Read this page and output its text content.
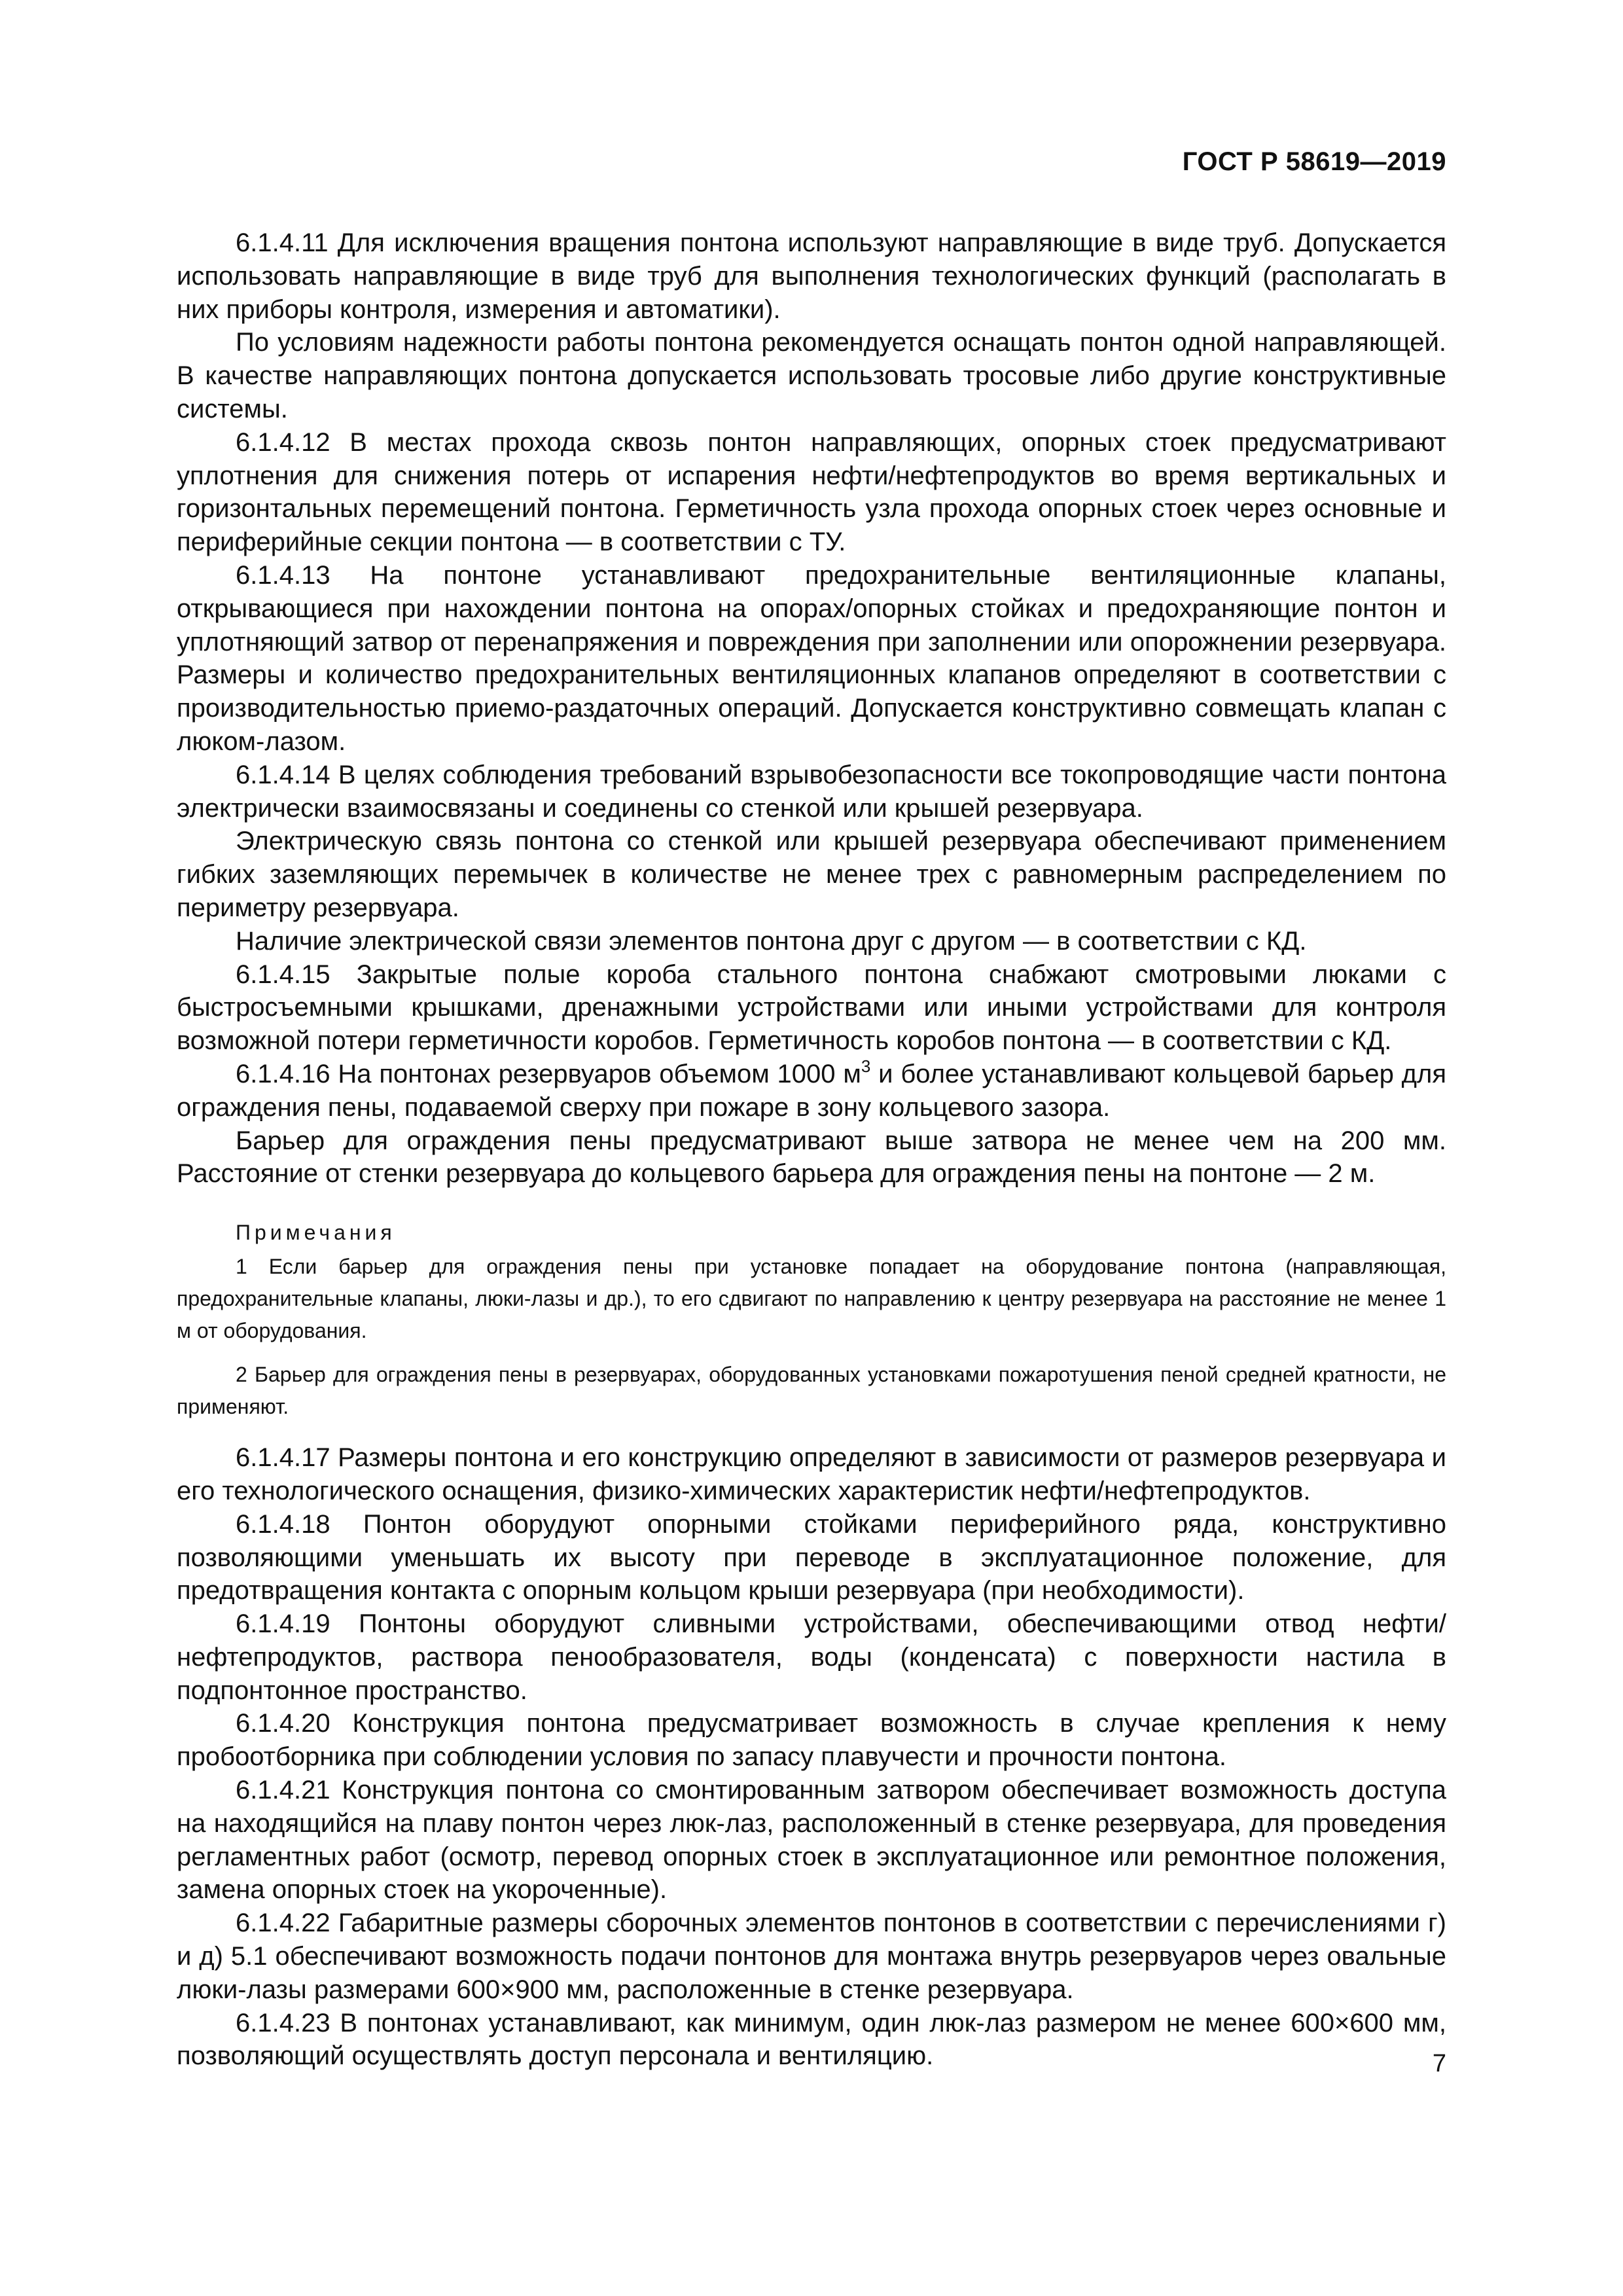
ГОСТ Р 58619—2019

6.1.4.11 Для исключения вращения понтона используют направляющие в виде труб. Допускается использовать направляющие в виде труб для выполнения технологических функций (располагать в них приборы контроля, измерения и автоматики).

По условиям надежности работы понтона рекомендуется оснащать понтон одной направляющей. В качестве направляющих понтона допускается использовать тросовые либо другие конструктивные системы.

6.1.4.12 В местах прохода сквозь понтон направляющих, опорных стоек предусматривают уплотнения для снижения потерь от испарения нефти/нефтепродуктов во время вертикальных и горизонтальных перемещений понтона. Герметичность узла прохода опорных стоек через основные и периферийные секции понтона — в соответствии с ТУ.

6.1.4.13 На понтоне устанавливают предохранительные вентиляционные клапаны, открывающиеся при нахождении понтона на опорах/опорных стойках и предохраняющие понтон и уплотняющий затвор от перенапряжения и повреждения при заполнении или опорожнении резервуара. Размеры и количество предохранительных вентиляционных клапанов определяют в соответствии с производительностью приемо-раздаточных операций. Допускается конструктивно совмещать клапан с люком-лазом.

6.1.4.14 В целях соблюдения требований взрывобезопасности все токопроводящие части понтона электрически взаимосвязаны и соединены со стенкой или крышей резервуара.

Электрическую связь понтона со стенкой или крышей резервуара обеспечивают применением гибких заземляющих перемычек в количестве не менее трех с равномерным распределением по периметру резервуара.

Наличие электрической связи элементов понтона друг с другом — в соответствии с КД.

6.1.4.15 Закрытые полые короба стального понтона снабжают смотровыми люками с быстросъемными крышками, дренажными устройствами или иными устройствами для контроля возможной потери герметичности коробов. Герметичность коробов понтона — в соответствии с КД.

6.1.4.16 На понтонах резервуаров объемом 1000 $м^3$ и более устанавливают кольцевой барьер для ограждения пены, подаваемой сверху при пожаре в зону кольцевого зазора.

Барьер для ограждения пены предусматривают выше затвора не менее чем на 200 мм. Расстояние от стенки резервуара до кольцевого барьера для ограждения пены на понтоне — 2 м.

Примечания

1 Если барьер для ограждения пены при установке попадает на оборудование понтона (направляющая, предохранительные клапаны, люки-лазы и др.), то его сдвигают по направлению к центру резервуара на расстояние не менее 1 м от оборудования.

2 Барьер для ограждения пены в резервуарах, оборудованных установками пожаротушения пеной средней кратности, не применяют.

6.1.4.17 Размеры понтона и его конструкцию определяют в зависимости от размеров резервуара и его технологического оснащения, физико-химических характеристик нефти/нефтепродуктов.

6.1.4.18 Понтон оборудуют опорными стойками периферийного ряда, конструктивно позволяющими уменьшать их высоту при переводе в эксплуатационное положение, для предотвращения контакта с опорным кольцом крыши резервуара (при необходимости).

6.1.4.19 Понтоны оборудуют сливными устройствами, обеспечивающими отвод нефти/нефтепродуктов, раствора пенообразователя, воды (конденсата) с поверхности настила в подпонтонное пространство.

6.1.4.20 Конструкция понтона предусматривает возможность в случае крепления к нему пробоотборника при соблюдении условия по запасу плавучести и прочности понтона.

6.1.4.21 Конструкция понтона со смонтированным затвором обеспечивает возможность доступа на находящийся на плаву понтон через люк-лаз, расположенный в стенке резервуара, для проведения регламентных работ (осмотр, перевод опорных стоек в эксплуатационное или ремонтное положения, замена опорных стоек на укороченные).

6.1.4.22 Габаритные размеры сборочных элементов понтонов в соответствии с перечислениями г) и д) 5.1 обеспечивают возможность подачи понтонов для монтажа внутрь резервуаров через овальные люки-лазы размерами 600×900 мм, расположенные в стенке резервуара.

6.1.4.23 В понтонах устанавливают, как минимум, один люк-лаз размером не менее 600×600 мм, позволяющий осуществлять доступ персонала и вентиляцию.	7
